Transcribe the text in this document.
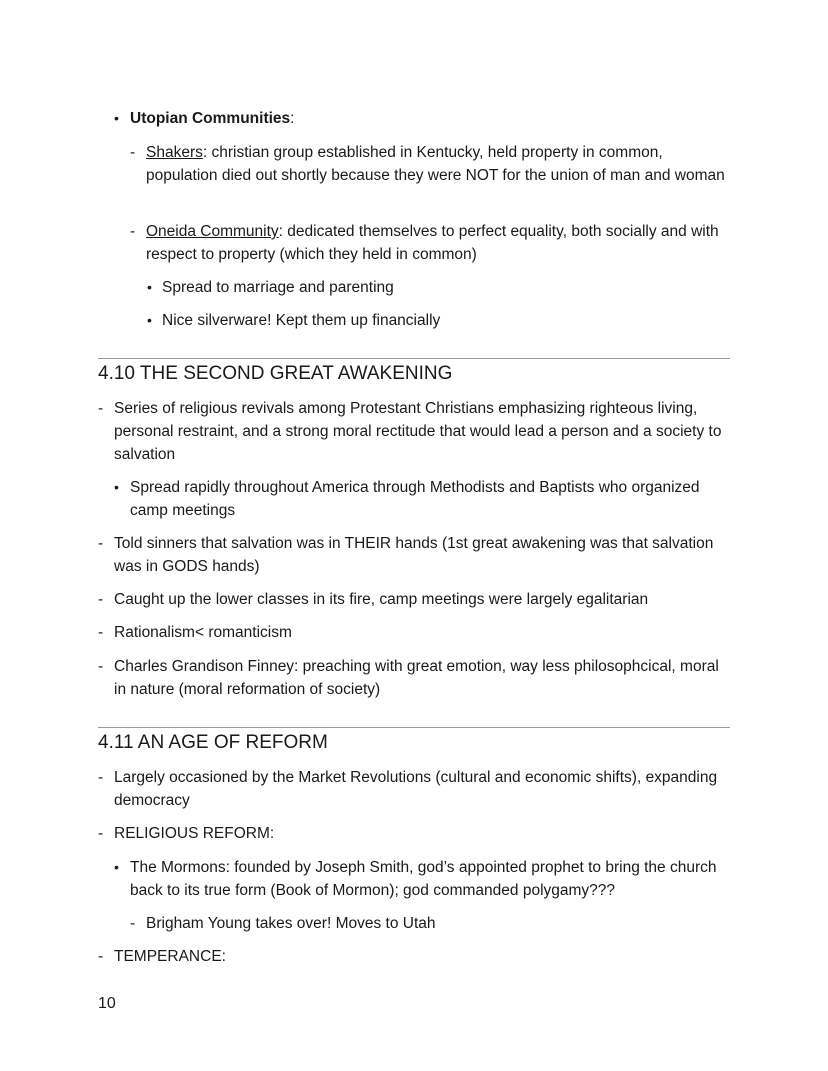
• Utopian Communities:
- Shakers: christian group established in Kentucky, held property in common, population died out shortly because they were NOT for the union of man and woman
- Oneida Community: dedicated themselves to perfect equality, both socially and with respect to property (which they held in common)
• Spread to marriage and parenting
• Nice silverware! Kept them up financially
4.10 THE SECOND GREAT AWAKENING
- Series of religious revivals among Protestant Christians emphasizing righteous living, personal restraint, and a strong moral rectitude that would lead a person and a society to salvation
• Spread rapidly throughout America through Methodists and Baptists who organized camp meetings
- Told sinners that salvation was in THEIR hands (1st great awakening was that salvation was in GODS hands)
- Caught up the lower classes in its fire, camp meetings were largely egalitarian
- Rationalism< romanticism
- Charles Grandison Finney: preaching with great emotion, way less philosophcical, moral in nature (moral reformation of society)
4.11 AN AGE OF REFORM
- Largely occasioned by the Market Revolutions (cultural and economic shifts), expanding democracy
- RELIGIOUS REFORM:
• The Mormons: founded by Joseph Smith, god’s appointed prophet to bring the church back to its true form (Book of Mormon); god commanded polygamy???
- Brigham Young takes over! Moves to Utah
- TEMPERANCE:
10
